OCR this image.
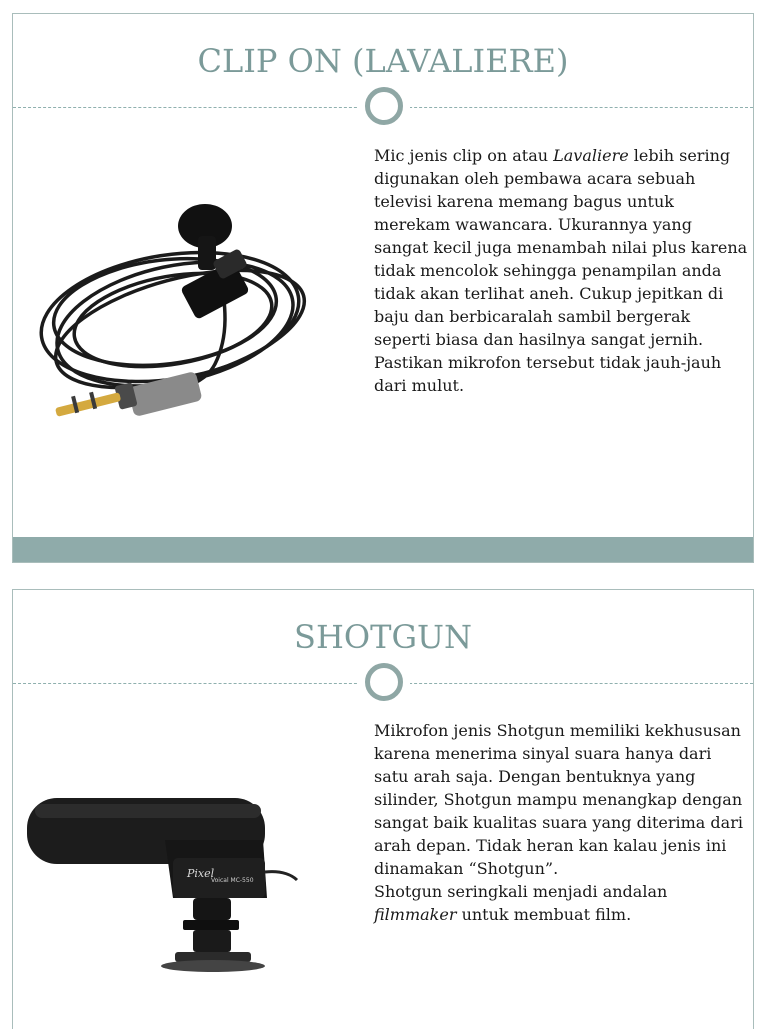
CLIP ON (LAVALIERE)
Mic jenis clip on atau Lavaliere lebih sering digunakan oleh pembawa acara sebuah televisi karena memang bagus untuk merekam wawancara. Ukurannya yang sangat kecil juga menambah nilai plus karena tidak mencolok sehingga penampilan anda tidak akan terlihat aneh. Cukup jepitkan di baju dan berbicaralah sambil bergerak seperti biasa dan hasilnya sangat jernih. Pastikan mikrofon tersebut tidak jauh-jauh dari mulut.
SHOTGUN
Pixel
Voical MC-550
Mikrofon jenis Shotgun memiliki kekhususan karena menerima sinyal suara hanya dari satu arah saja. Dengan bentuknya yang silinder, Shotgun mampu menangkap dengan sangat baik kualitas suara yang diterima dari arah depan. Tidak heran kan kalau jenis ini dinamakan “Shotgun”.
Shotgun seringkali menjadi andalan filmmaker untuk membuat film.
